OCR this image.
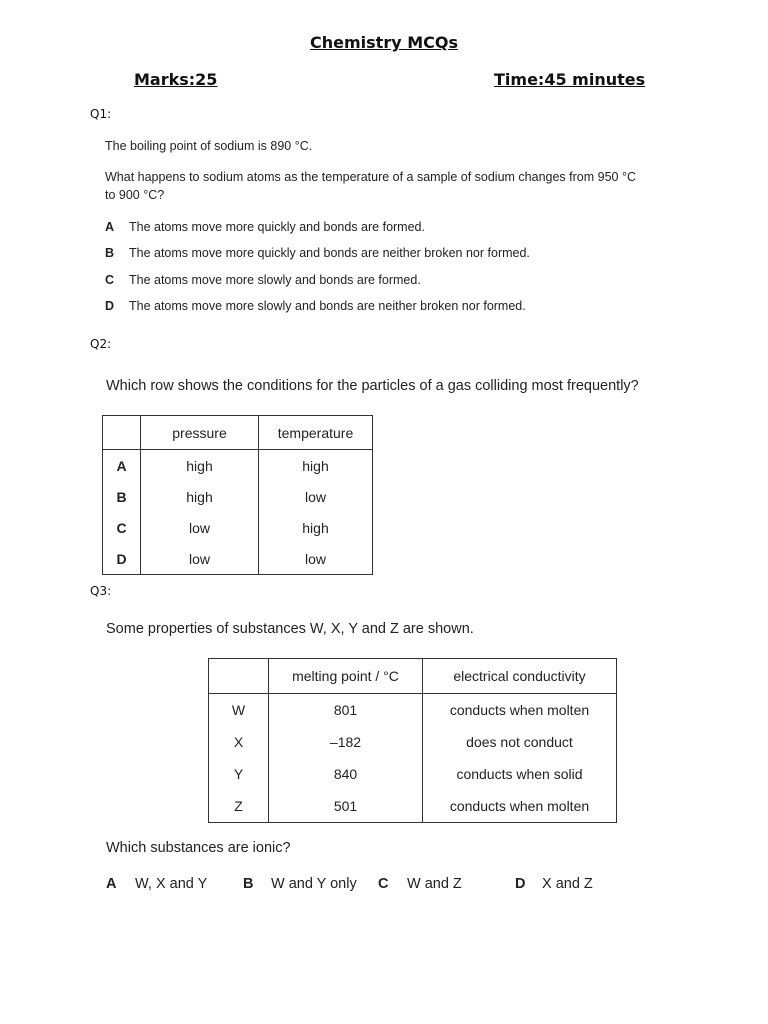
Chemistry MCQs
Marks:25	Time:45 minutes
Q1:
The boiling point of sodium is 890 °C.
What happens to sodium atoms as the temperature of a sample of sodium changes from 950 °C
to 900 °C?
A The atoms move more quickly and bonds are formed.
B The atoms move more quickly and bonds are neither broken nor formed.
C The atoms move more slowly and bonds are formed.
D The atoms move more slowly and bonds are neither broken nor formed.
Q2:
Which row shows the conditions for the particles of a gas colliding most frequently?
	pressure	temperature
A	high	high
B	high	low
C	low	high
D	low	low
Q3:
Some properties of substances W, X, Y and Z are shown.
	melting point / °C	electrical conductivity
W	801	conducts when molten
X	–182	does not conduct
Y	840	conducts when solid
Z	501	conducts when molten
Which substances are ionic?
A W, X and Y B W and Y only C W and Z	D X and Z
